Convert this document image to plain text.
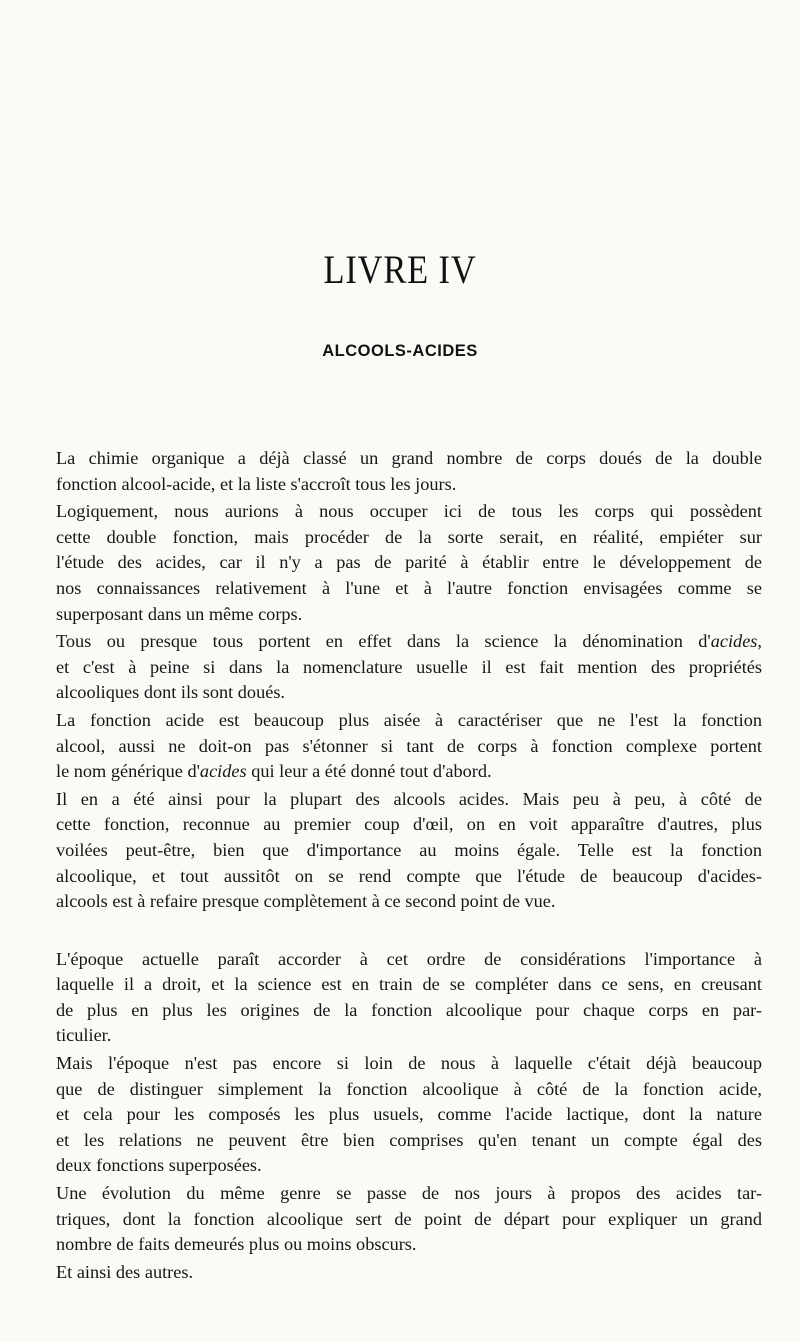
LIVRE IV
ALCOOLS-ACIDES

La chimie organique a déjà classé un grand nombre de corps doués de la double
fonction alcool-acide, et la liste s'accroît tous les jours.

Logiquement, nous aurions à nous occuper ici de tous les corps qui possèdent
cette double fonction, mais procéder de la sorte serait, en réalité, empiéter sur
l'étude des acides, car il n'y a pas de parité à établir entre le développement de
nos connaissances relativement à l'une et à l'autre fonction envisagées comme se
superposant dans un même corps.

Tous ou presque tous portent en effet dans la science la dénomination d'acides,
et c'est à peine si dans la nomenclature usuelle il est fait mention des propriétés
alcooliques dont ils sont doués.

La fonction acide est beaucoup plus aisée à caractériser que ne l'est la fonction
alcool, aussi ne doit-on pas s'étonner si tant de corps à fonction complexe portent
le nom générique d'acides qui leur a été donné tout d'abord.

Il en a été ainsi pour la plupart des alcools acides. Mais peu à peu, à côté de
cette fonction, reconnue au premier coup d'œil, on en voit apparaître d'autres, plus
voilées peut-être, bien que d'importance au moins égale. Telle est la fonction
alcoolique, et tout aussitôt on se rend compte que l'étude de beaucoup d'acides-
alcools est à refaire presque complètement à ce second point de vue.

L'époque actuelle paraît accorder à cet ordre de considérations l'importance à
laquelle il a droit, et la science est en train de se compléter dans ce sens, en creusant
de plus en plus les origines de la fonction alcoolique pour chaque corps en par-
ticulier.

Mais l'époque n'est pas encore si loin de nous à laquelle c'était déjà beaucoup
que de distinguer simplement la fonction alcoolique à côté de la fonction acide,
et cela pour les composés les plus usuels, comme l'acide lactique, dont la nature
et les relations ne peuvent être bien comprises qu'en tenant un compte égal des
deux fonctions superposées.

Une évolution du même genre se passe de nos jours à propos des acides tar-
triques, dont la fonction alcoolique sert de point de départ pour expliquer un grand
nombre de faits demeurés plus ou moins obscurs.

Et ainsi des autres.
